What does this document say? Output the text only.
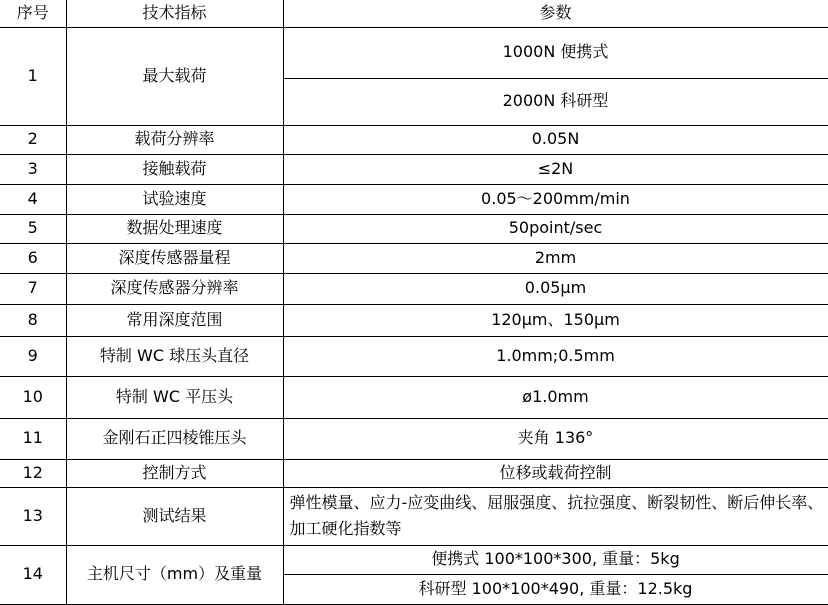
序号	技术指标	参数
1	最大载荷	1000N 便携式
		2000N 科研型
2	载荷分辨率	0.05N
3	接触载荷	≤2N
4	试验速度	0.05～200mm/min
5	数据处理速度	50point/sec
6	深度传感器量程	2mm
7	深度传感器分辨率	0.05μm
8	常用深度范围	120μm、150μm
9	特制 WC 球压头直径	1.0mm;0.5mm
10	特制 WC 平压头	ø1.0mm
11	金刚石正四棱锥压头	夹角 136°
12	控制方式	位移或载荷控制
13	测试结果	弹性模量、应力-应变曲线、屈服强度、抗拉强度、断裂韧性、断后伸长率、加工硬化指数等
14	主机尺寸（mm）及重量	便携式 100*100*300, 重量：5kg
		科研型 100*100*490, 重量：12.5kg
